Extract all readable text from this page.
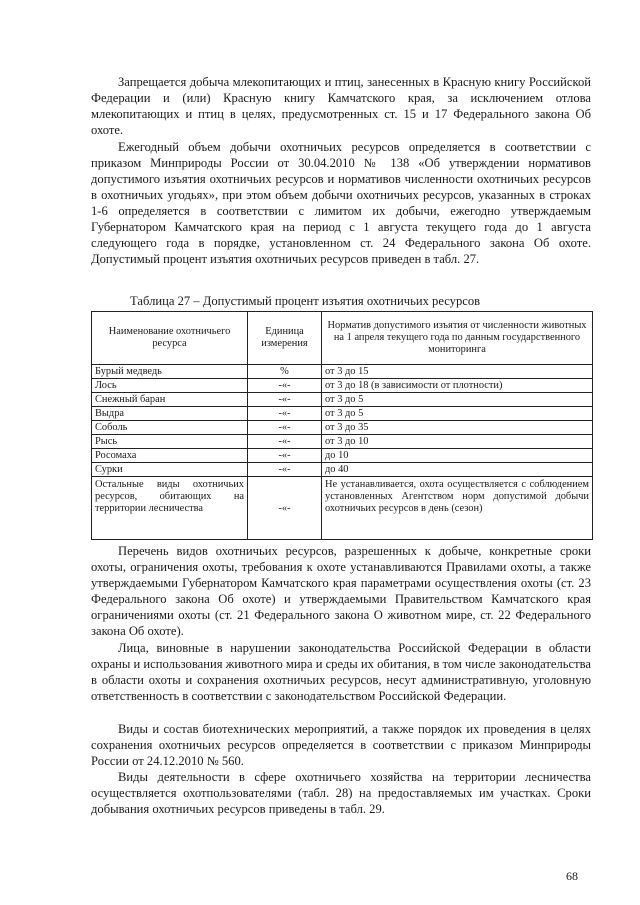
Запрещается добыча млекопитающих и птиц, занесенных в Красную книгу Российской Федерации и (или) Красную книгу Камчатского края, за исключением отлова млекопитающих и птиц в целях, предусмотренных ст. 15 и 17 Федерального закона Об охоте.

Ежегодный объем добычи охотничьих ресурсов определяется в соответствии с приказом Минприроды России от 30.04.2010 № 138 «Об утверждении нормативов допустимого изъятия охотничьих ресурсов и нормативов численности охотничьих ресурсов в охотничьих угодьях», при этом объем добычи охотничьих ресурсов, указанных в строках 1-6 определяется в соответствии с лимитом их добычи, ежегодно утверждаемым Губернатором Камчатского края на период с 1 августа текущего года до 1 августа следующего года в порядке, установленном ст. 24 Федерального закона Об охоте. Допустимый процент изъятия охотничьих ресурсов приведен в табл. 27.

Таблица 27 – Допустимый процент изъятия охотничьих ресурсов

Наименование охотничьего ресурса	Единица измерения	Норматив допустимого изъятия от численности животных на 1 апреля текущего года по данным государственного мониторинга
Бурый медведь	%	от 3 до 15
Лось	-«-	от 3 до 18 (в зависимости от плотности)
Снежный баран	-«-	от 3 до 5
Выдра	-«-	от 3 до 5
Соболь	-«-	от 3 до 35
Рысь	-«-	от 3 до 10
Росомаха	-«-	до 10
Сурки	-«-	до 40
Остальные виды охотничьих ресурсов, обитающих на территории лесничества	-«-	Не устанавливается, охота осуществляется с соблюдением установленных Агентством норм допустимой добычи охотничьих ресурсов в день (сезон)

Перечень видов охотничьих ресурсов, разрешенных к добыче, конкретные сроки охоты, ограничения охоты, требования к охоте устанавливаются Правилами охоты, а также утверждаемыми Губернатором Камчатского края параметрами осуществления охоты (ст. 23 Федерального закона Об охоте) и утверждаемыми Правительством Камчатского края ограничениями охоты (ст. 21 Федерального закона О животном мире, ст. 22 Федерального закона Об охоте).

Лица, виновные в нарушении законодательства Российской Федерации в области охраны и использования животного мира и среды их обитания, в том числе законодательства в области охоты и сохранения охотничьих ресурсов, несут административную, уголовную ответственность в соответствии с законодательством Российской Федерации.

Виды и состав биотехнических мероприятий, а также порядок их проведения в целях сохранения охотничьих ресурсов определяется в соответствии с приказом Минприроды России от 24.12.2010 № 560.

Виды деятельности в сфере охотничьего хозяйства на территории лесничества осуществляется охотпользователями (табл. 28) на предоставляемых им участках. Сроки добывания охотничьих ресурсов приведены в табл. 29.

68
